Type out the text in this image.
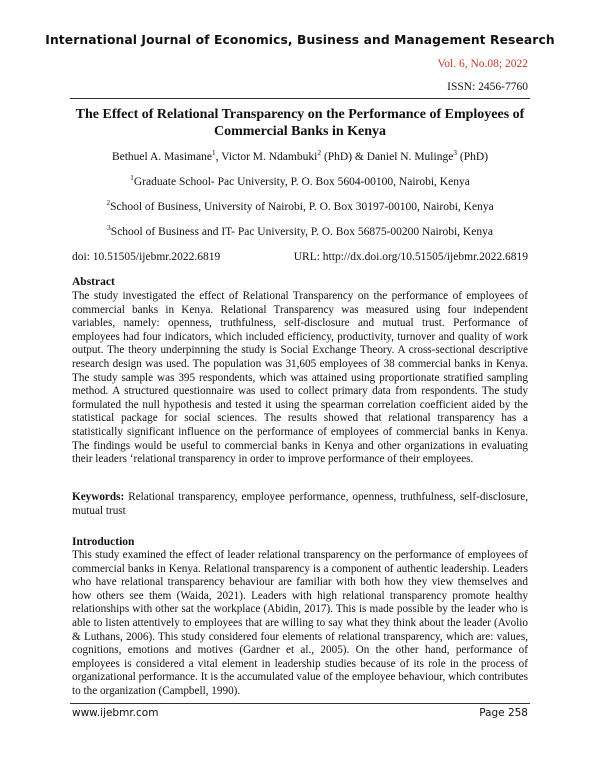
International Journal of Economics, Business and Management Research
Vol. 6, No.08; 2022
ISSN: 2456-7760
The Effect of Relational Transparency on the Performance of Employees of Commercial Banks in Kenya
Bethuel A. Masimane$^1$, Victor M. Ndambuki$^2$ (PhD) & Daniel N. Mulinge$^3$ (PhD)
$^1$Graduate School- Pac University, P. O. Box 5604-00100, Nairobi, Kenya
$^2$School of Business, University of Nairobi, P. O. Box 30197-00100, Nairobi, Kenya
$^3$School of Business and IT- Pac University, P. O. Box 56875-00200 Nairobi, Kenya
doi: 10.51505/ijebmr.2022.6819	URL: http://dx.doi.org/10.51505/ijebmr.2022.6819
Abstract

The study investigated the effect of Relational Transparency on the performance of employees of commercial banks in Kenya. Relational Transparency was measured using four independent variables, namely: openness, truthfulness, self-disclosure and mutual trust. Performance of employees had four indicators, which included efficiency, productivity, turnover and quality of work output. The theory underpinning the study is Social Exchange Theory. A cross-sectional descriptive research design was used. The population was 31,605 employees of 38 commercial banks in Kenya. The study sample was 395 respondents, which was attained using proportionate stratified sampling method. A structured questionnaire was used to collect primary data from respondents. The study formulated the null hypothesis and tested it using the spearman correlation coefficient aided by the statistical package for social sciences. The results showed that relational transparency has a statistically significant influence on the performance of employees of commercial banks in Kenya. The findings would be useful to commercial banks in Kenya and other organizations in evaluating their leaders ‘relational transparency in order to improve performance of their employees.

Keywords: Relational transparency, employee performance, openness, truthfulness, self-disclosure, mutual trust

Introduction

This study examined the effect of leader relational transparency on the performance of employees of commercial banks in Kenya. Relational transparency is a component of authentic leadership. Leaders who have relational transparency behaviour are familiar with both how they view themselves and how others see them (Waida, 2021). Leaders with high relational transparency promote healthy relationships with other sat the workplace (Abidin, 2017). This is made possible by the leader who is able to listen attentively to employees that are willing to say what they think about the leader (Avolio & Luthans, 2006). This study considered four elements of relational transparency, which are: values, cognitions, emotions and motives (Gardner et al., 2005). On the other hand, performance of employees is considered a vital element in leadership studies because of its role in the process of organizational performance. It is the accumulated value of the employee behaviour, which contributes to the organization (Campbell, 1990).

www.ijebmr.com	Page 258
